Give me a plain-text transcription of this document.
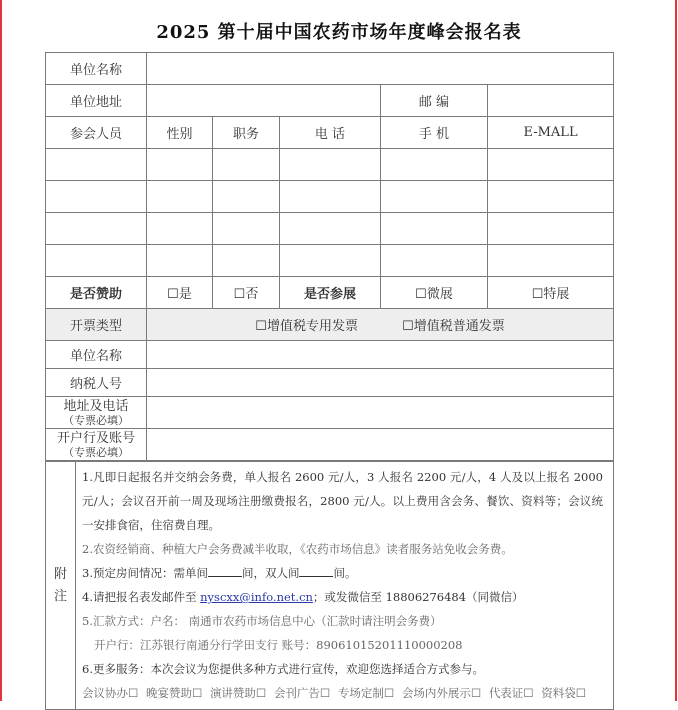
2025 第十届中国农药市场年度峰会报名表
单位名称					
单位地址				邮 编	
参会人员	性别	职务	电 话	手 机	E-MALL

是否赞助	☐是	☐否	是否参展	☐微展	☐特展
开票类型	☐增值税专用发票 ☐增值税普通发票				
单位名称					
纳税人号					

地址及电话
（专票必填）					

开户行及账号
（专票必填）					

附
注

1.凡即日起报名并交纳会务费，单人报名 2600 元/人，3 人报名 2200 元/人，4 人及以上报名 2000 元/人；会议召开前一周及现场注册缴费报名，2800 元/人。以上费用含会务、餐饮、资料等；会议统一安排食宿，住宿费自理。
2.农资经销商、种植大户会务费减半收取，《农药市场信息》读者服务站免收会务费。
3.预定房间情况：需单间	间，双人间	间。
4.请把报名表发邮件至 nyscxx@info.net.cn；或发微信至 18806276484（同微信）
5.汇款方式：户名： 南通市农药市场信息中心（汇款时请注明会务费）
开户行：江苏银行南通分行学田支行 账号：89061015201110000208
6.更多服务：本次会议为您提供多种方式进行宣传，欢迎您选择适合方式参与。
会议协办☐ 晚宴赞助☐ 演讲赞助☐ 会刊广告☐ 专场定制☐ 会场内外展示☐ 代表证☐ 资料袋☐
